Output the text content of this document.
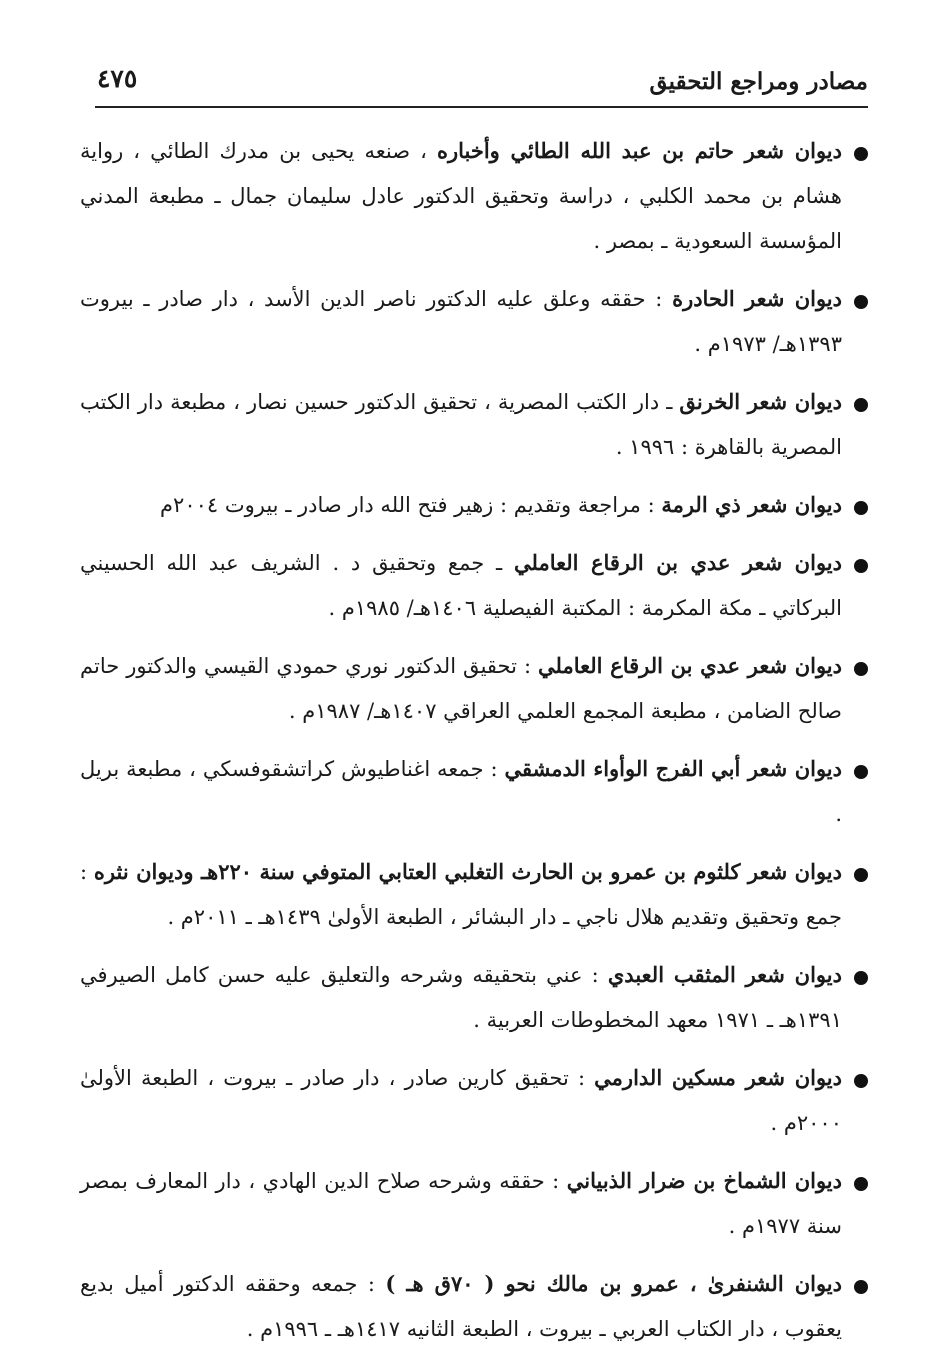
مصادر ومراجع التحقيق
٤٧٥
ديوان شعر حاتم بن عبد الله الطائي وأخباره ، صنعه يحيى بن مدرك الطائي ، رواية هشام بن محمد الكلبي ، دراسة وتحقيق الدكتور عادل سليمان جمال ـ مطبعة المدني المؤسسة السعودية ـ بمصر .
ديوان شعر الحادرة : حققه وعلق عليه الدكتور ناصر الدين الأسد ، دار صادر ـ بيروت ١٣٩٣هـ/ ١٩٧٣م .
ديوان شعر الخرنق ـ دار الكتب المصرية ، تحقيق الدكتور حسين نصار ، مطبعة دار الكتب المصرية بالقاهرة : ١٩٩٦ .
ديوان شعر ذي الرمة : مراجعة وتقديم : زهير فتح الله دار صادر ـ بيروت ٢٠٠٤م
ديوان شعر عدي بن الرقاع العاملي ـ جمع وتحقيق د . الشريف عبد الله الحسيني البركاتي ـ مكة المكرمة : المكتبة الفيصلية ١٤٠٦هـ/ ١٩٨٥م .
ديوان شعر عدي بن الرقاع العاملي : تحقيق الدكتور نوري حمودي القيسي والدكتور حاتم صالح الضامن ، مطبعة المجمع العلمي العراقي ١٤٠٧هـ/ ١٩٨٧م .
ديوان شعر أبي الفرج الوأواء الدمشقي : جمعه اغناطيوش كراتشقوفسكي ، مطبعة بريل .
ديوان شعر كلثوم بن عمرو بن الحارث التغلبي العتابي المتوفي سنة ٢٢٠هـ وديوان نثره : جمع وتحقيق وتقديم هلال ناجي ـ دار البشائر ، الطبعة الأولىٰ ١٤٣٩هـ ـ ٢٠١١م .
ديوان شعر المثقب العبدي : عني بتحقيقه وشرحه والتعليق عليه حسن كامل الصيرفي ١٣٩١هـ ـ ١٩٧١ معهد المخطوطات العربية .
ديوان شعر مسكين الدارمي : تحقيق كارين صادر ، دار صادر ـ بيروت ، الطبعة الأولىٰ ٢٠٠٠م .
ديوان الشماخ بن ضرار الذبياني : حققه وشرحه صلاح الدين الهادي ، دار المعارف بمصر سنة ١٩٧٧م .
ديوان الشنفرىٰ ، عمرو بن مالك نحو ( ٧٠ق هـ ) : جمعه وحققه الدكتور أميل بديع يعقوب ، دار الكتاب العربي ـ بيروت ، الطبعة الثانيه ١٤١٧هـ ـ ١٩٩٦م .
